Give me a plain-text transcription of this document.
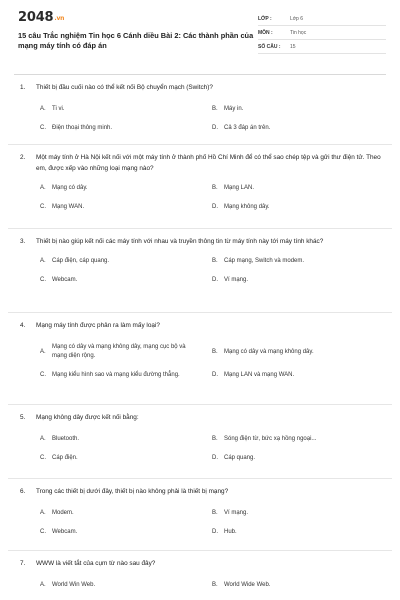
2048.vn
15 câu Trắc nghiệm Tin học 6 Cánh diều Bài 2: Các thành phần của mạng máy tính có đáp án
LỚP :	Lớp 6
MÔN :	Tin học
SỐ CÂU :	15
1.	Thiết bị đầu cuối nào có thể kết nối Bộ chuyển mạch (Switch)?
A.	Ti vi.	B.	Máy in.
C.	Điện thoại thông minh.	D.	Cả 3 đáp án trên.
2.	Một máy tính ở Hà Nội kết nối với một máy tính ở thành phố Hồ Chí Minh để có thể sao chép tệp và gửi thư điện tử. Theo em, được xếp vào những loại mạng nào?
A.	Mạng có dây.	B.	Mạng LAN.
C.	Mạng WAN.	D.	Mạng không dây.
3.	Thiết bị nào giúp kết nối các máy tính với nhau và truyền thông tin từ máy tính này tới máy tính khác?
A.	Cáp điện, cáp quang.	B.	Cáp mạng, Switch và modem.
C.	Webcam.	D.	Ví mạng.
4.	Mạng máy tính được phân ra làm mấy loại?
A.
Mạng có dây và mạng không dây, mạng cục bộ và mạng diện rộng.
B.	Mạng có dây và mạng không dây.
C.	Mạng kiểu hình sao và mạng kiểu đường thẳng.	D.	Mạng LAN và mạng WAN.
5.	Mạng không dây được kết nối bằng:
A.	Bluetooth.	B.	Sóng điện từ, bức xạ hồng ngoại...
C.	Cáp điện.	D.	Cáp quang.
6.	Trong các thiết bị dưới đây, thiết bị nào không phải là thiết bị mạng?
A.	Modem.	B.	Ví mạng.
C.	Webcam.	D.	Hub.
7.	WWW là viết tắt của cụm từ nào sau đây?
A.	World Win Web.	B.	World Wide Web.
